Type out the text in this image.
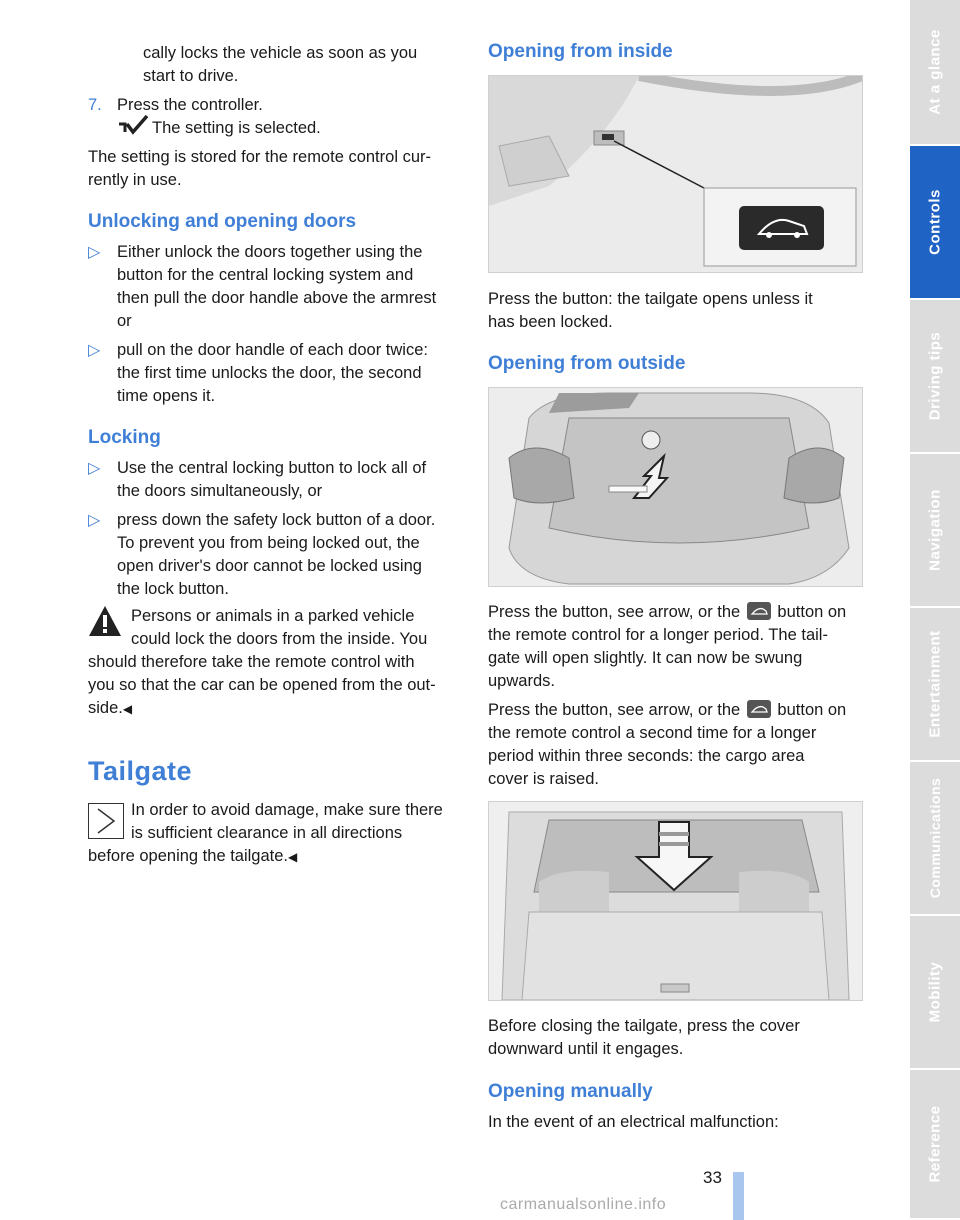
cally locks the vehicle as soon as you

start to drive.

7. Press the controller.

The setting is selected.

The setting is stored for the remote control cur-

rently in use.

Unlocking and opening doors
▷ Either unlock the doors together using the

button for the central locking system and

then pull the door handle above the armrest

or

▷ pull on the door handle of each door twice:

the first time unlocks the door, the second

time opens it.

Locking
▷ Use the central locking button to lock all of

the doors simultaneously, or

▷ press down the safety lock button of a door.

To prevent you from being locked out, the

open driver's door cannot be locked using

the lock button.

Persons or animals in a parked vehicle

could lock the doors from the inside. You

should therefore take the remote control with

you so that the car can be opened from the out-

side.◀

Tailgate

In order to avoid damage, make sure there

is sufficient clearance in all directions

before opening the tailgate.◀

Opening from inside

Press the button: the tailgate opens unless it

has been locked.

Opening from outside

Press the button, see arrow, or the button on

the remote control for a longer period. The tail-

gate will open slightly. It can now be swung

upwards.

Press the button, see arrow, or the button on

the remote control a second time for a longer

period within three seconds: the cargo area

cover is raised.

Before closing the tailgate, press the cover

downward until it engages.

Opening manually

In the event of an electrical malfunction:

33
carmanualsonline.info
At a glance
Controls
Driving tips
Navigation
Entertainment
Communications
Mobility
Reference
